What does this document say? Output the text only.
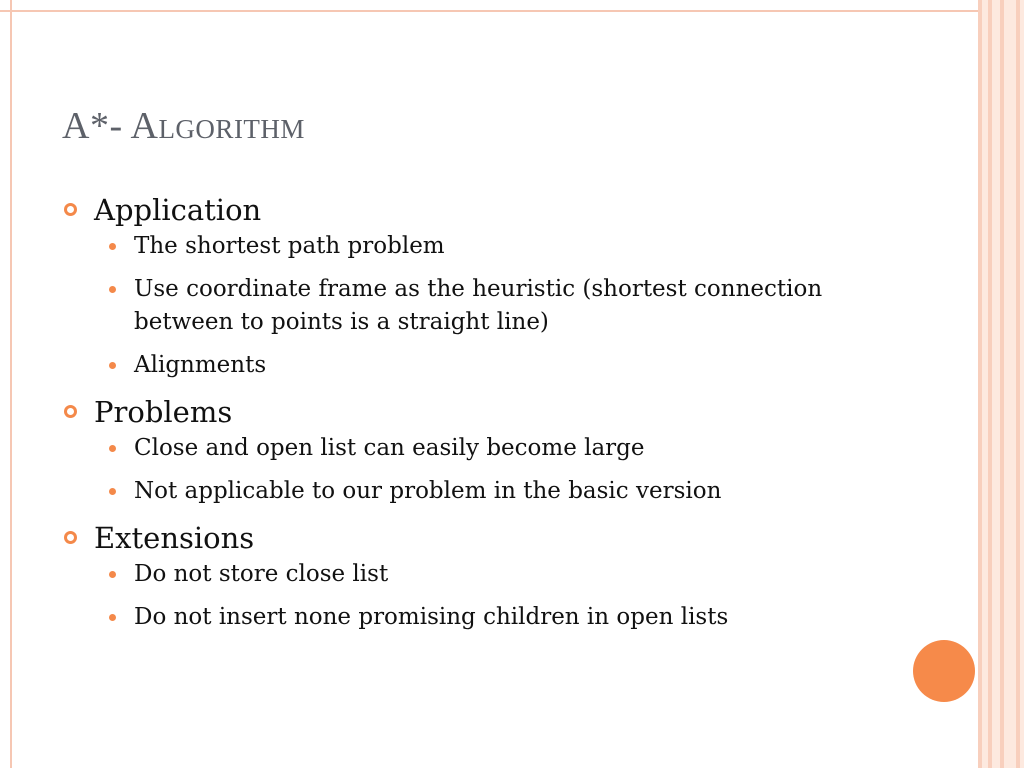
A*- Algorithm
Application
The shortest path problem
Use coordinate frame as the heuristic (shortest connection between to points is a straight line)
Alignments
Problems
Close and open list can easily become large
Not applicable to our problem in the basic version
Extensions
Do not store close list
Do not insert none promising children in open lists
